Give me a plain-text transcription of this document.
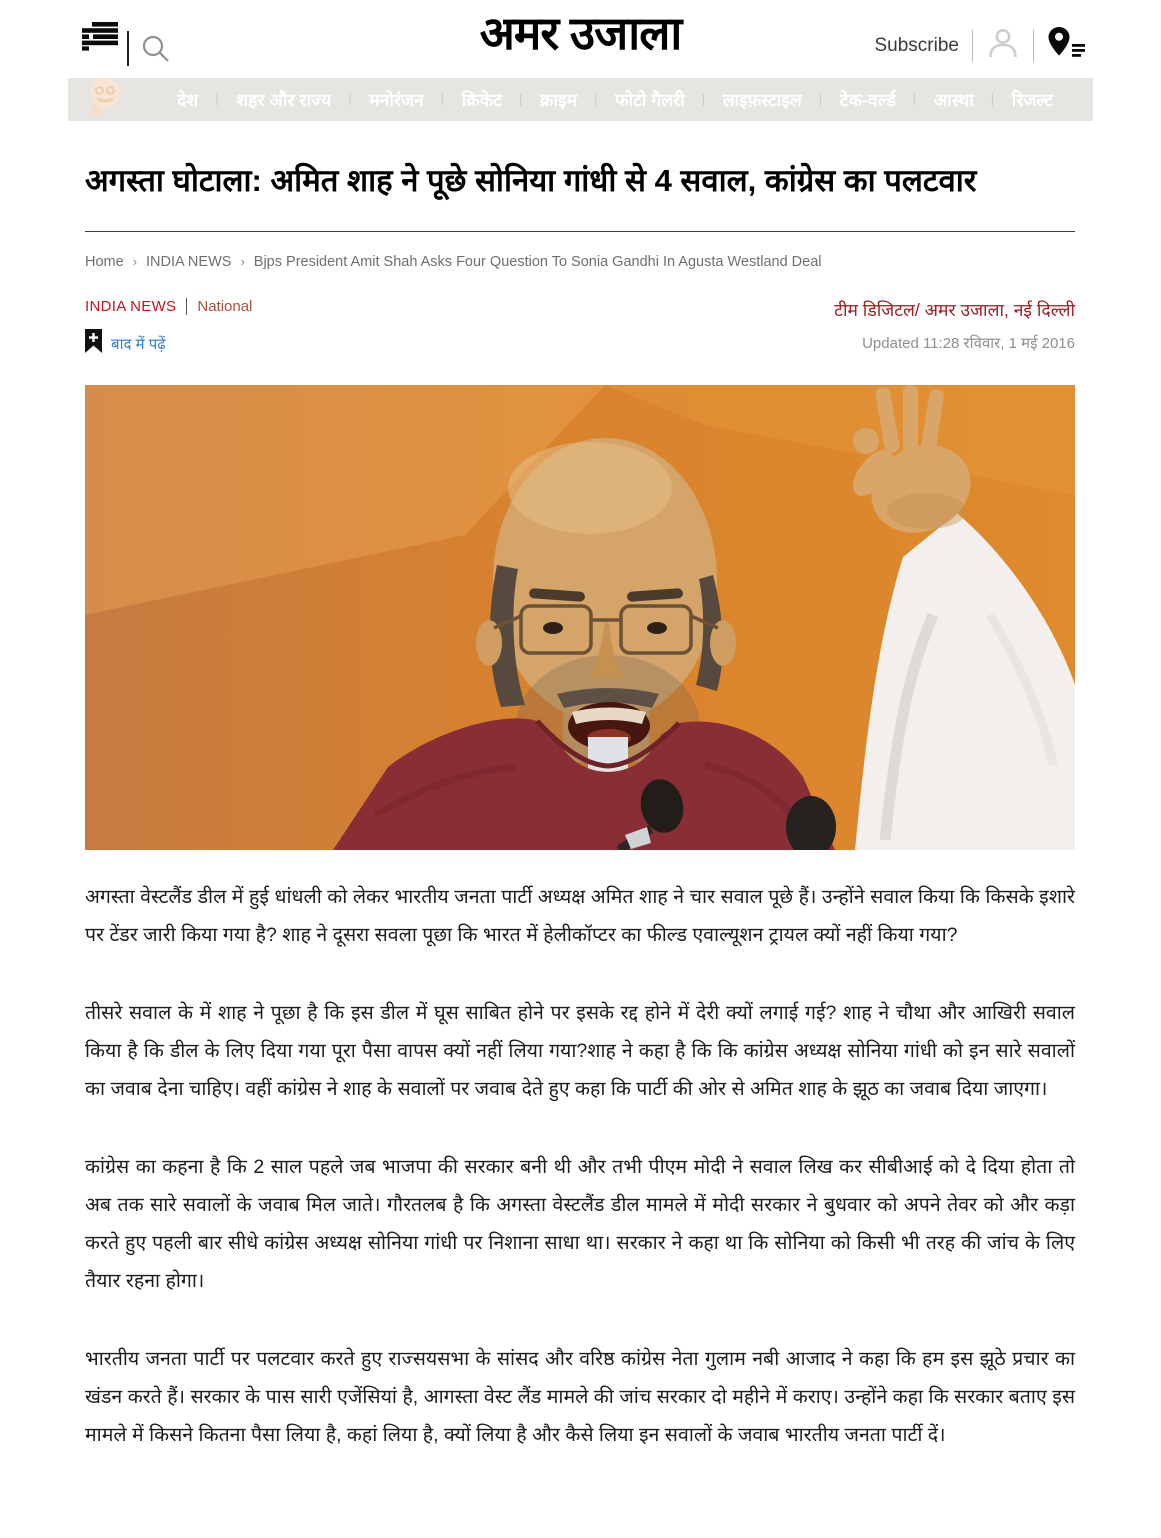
अमर उजाला	Subscribe
देश	| शहर और राज्य	| मनोरंजन	| क्रिकेट	| क्राइम	| फोटो गैलरी	| लाइफ़स्टाइल	| टेक-वर्ल्ड	| आस्था	| रिजल्ट
अगस्ता घोटाला: अमित शाह ने पूछे सोनिया गांधी से 4 सवाल, कांग्रेस का पलटवार
Home › INDIA NEWS › Bjps President Amit Shah Asks Four Question To Sonia Gandhi In Agusta Westland Deal
INDIA NEWS National
बाद में पढ़ें
टीम डिजिटल/ अमर उजाला, नई दिल्ली
Updated 11:28 रविवार, 1 मई 2016

अगस्ता वेस्टलैंड डील में हुई धांधली को लेकर भारतीय जनता पार्टी अध्यक्ष अमित शाह ने चार सवाल पूछे हैं। उन्होंने सवाल किया कि किसके इशारे पर टेंडर जारी किया गया है? शाह ने दूसरा सवला पूछा कि भारत में हेलीकॉप्टर का फील्ड एवाल्यूशन ट्रायल क्यों नहीं किया गया?

तीसरे सवाल के में शाह ने पूछा है कि इस डील में घूस साबित होने पर इसके रद्द होने में देरी क्यों लगाई गई? शाह ने चौथा और आखिरी सवाल किया है कि डील के लिए दिया गया पूरा पैसा वापस क्यों नहीं लिया गया?शाह ने कहा है कि कि कांग्रेस अध्यक्ष सोनिया गांधी को इन सारे सवालों का जवाब देना चाहिए। वहीं कांग्रेस ने शाह के सवालों पर जवाब देते हुए कहा कि पार्टी की ओर से अमित शाह के झूठ का जवाब दिया जाएगा।

कांग्रेस का कहना है कि 2 साल पहले जब भाजपा की सरकार बनी थी और तभी पीएम मोदी ने सवाल लिख कर सीबीआई को दे दिया होता तो अब तक सारे सवालों के जवाब मिल जाते। गौरतलब है कि अगस्ता वेस्टलैंड डील मामले में मोदी सरकार ने बुधवार को अपने तेवर को और कड़ा करते हुए पहली बार सीधे कांग्रेस अध्यक्ष सोनिया गांधी पर निशाना साधा था। सरकार ने कहा था कि सोनिया को किसी भी तरह की जांच के लिए तैयार रहना होगा।

भारतीय जनता पार्टी पर पलटवार करते हुए राज्सयसभा के सांसद और वरिष्ठ कांग्रेस नेता गुलाम नबी आजाद ने कहा कि हम इस झूठे प्रचार का खंडन करते हैं। सरकार के पास सारी एजेंसियां है, आगस्ता वेस्ट लैंड मामले की जांच सरकार दो महीने में कराए। उन्होंने कहा कि सरकार बताए इस मामले में किसने कितना पैसा लिया है, कहां लिया है, क्यों लिया है और कैसे लिया इन सवालों के जवाब भारतीय जनता पार्टी दें।
